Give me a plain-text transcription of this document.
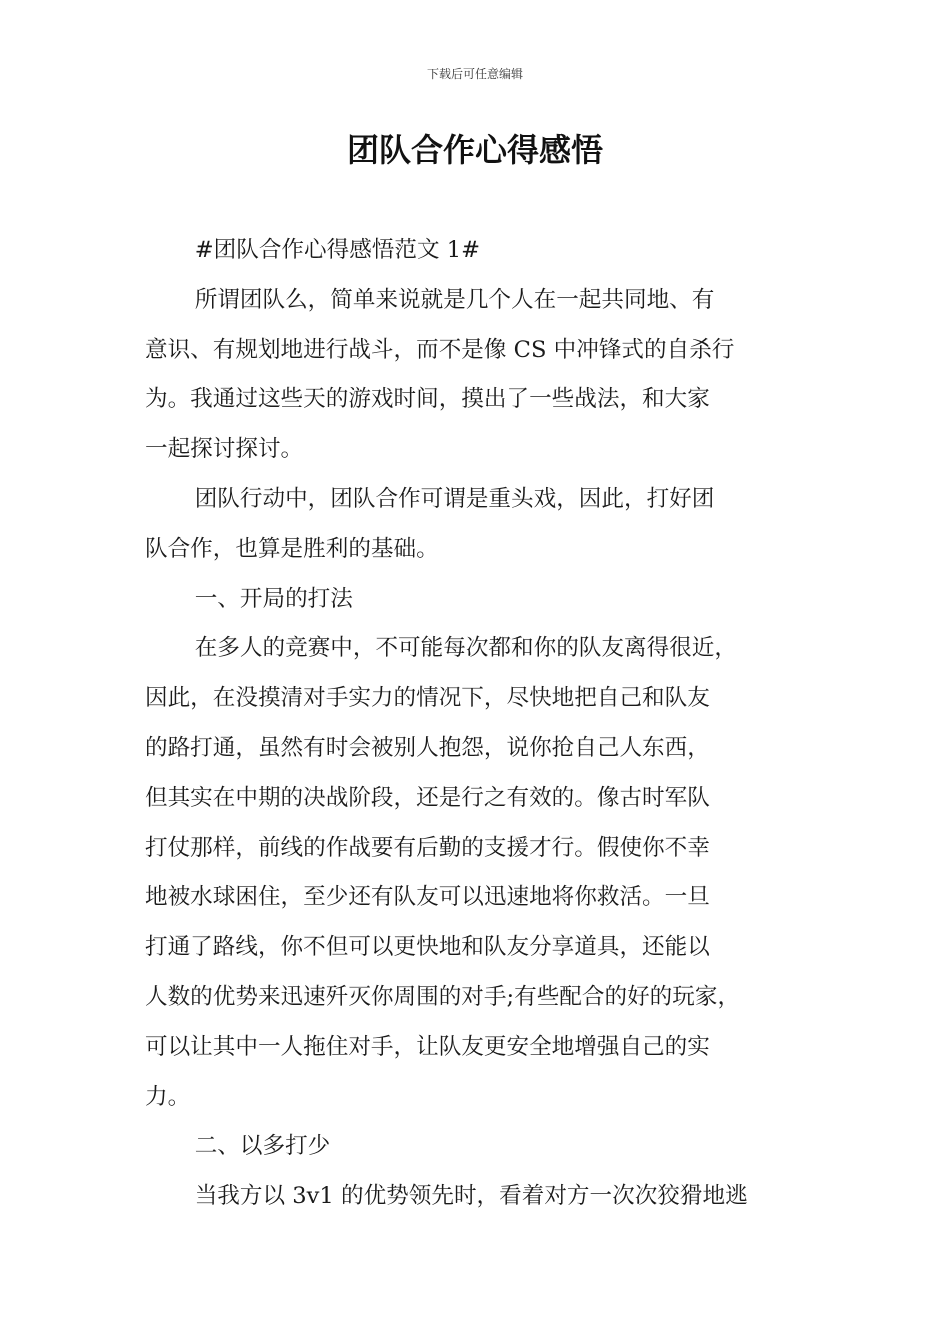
下载后可任意编辑
团队合作心得感悟

#团队合作心得感悟范文 1#

所谓团队么，简单来说就是几个人在一起共同地、有
意识、有规划地进行战斗，而不是像 CS 中冲锋式的自杀行
为。我通过这些天的游戏时间，摸出了一些战法，和大家
一起探讨探讨。

团队行动中，团队合作可谓是重头戏，因此，打好团
队合作，也算是胜利的基础。

一、开局的打法

在多人的竞赛中，不可能每次都和你的队友离得很近，
因此，在没摸清对手实力的情况下，尽快地把自己和队友
的路打通，虽然有时会被别人抱怨，说你抢自己人东西，
但其实在中期的决战阶段，还是行之有效的。像古时军队
打仗那样，前线的作战要有后勤的支援才行。假使你不幸
地被水球困住，至少还有队友可以迅速地将你救活。一旦
打通了路线，你不但可以更快地和队友分享道具，还能以
人数的优势来迅速歼灭你周围的对手;有些配合的好的玩家，
可以让其中一人拖住对手，让队友更安全地增强自己的实
力。

二、以多打少

当我方以 3v1 的优势领先时，看着对方一次次狡猾地逃
